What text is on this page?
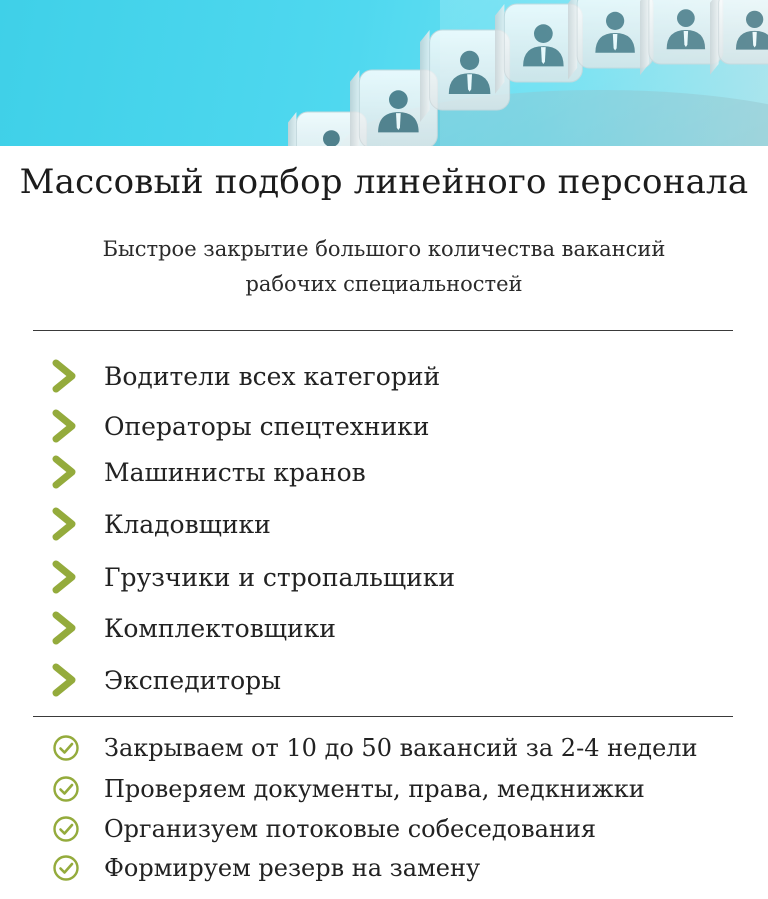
Массовый подбор линейного персонала
Быстрое закрытие большого количества вакансий
рабочих специальностей
Водители всех категорий
Операторы спецтехники
Машинисты кранов
Кладовщики
Грузчики и стропальщики
Комплектовщики
Экспедиторы
Закрываем от 10 до 50 вакансий за 2-4 недели
Проверяем документы, права, медкнижки
Организуем потоковые собеседования
Формируем резерв на замену
